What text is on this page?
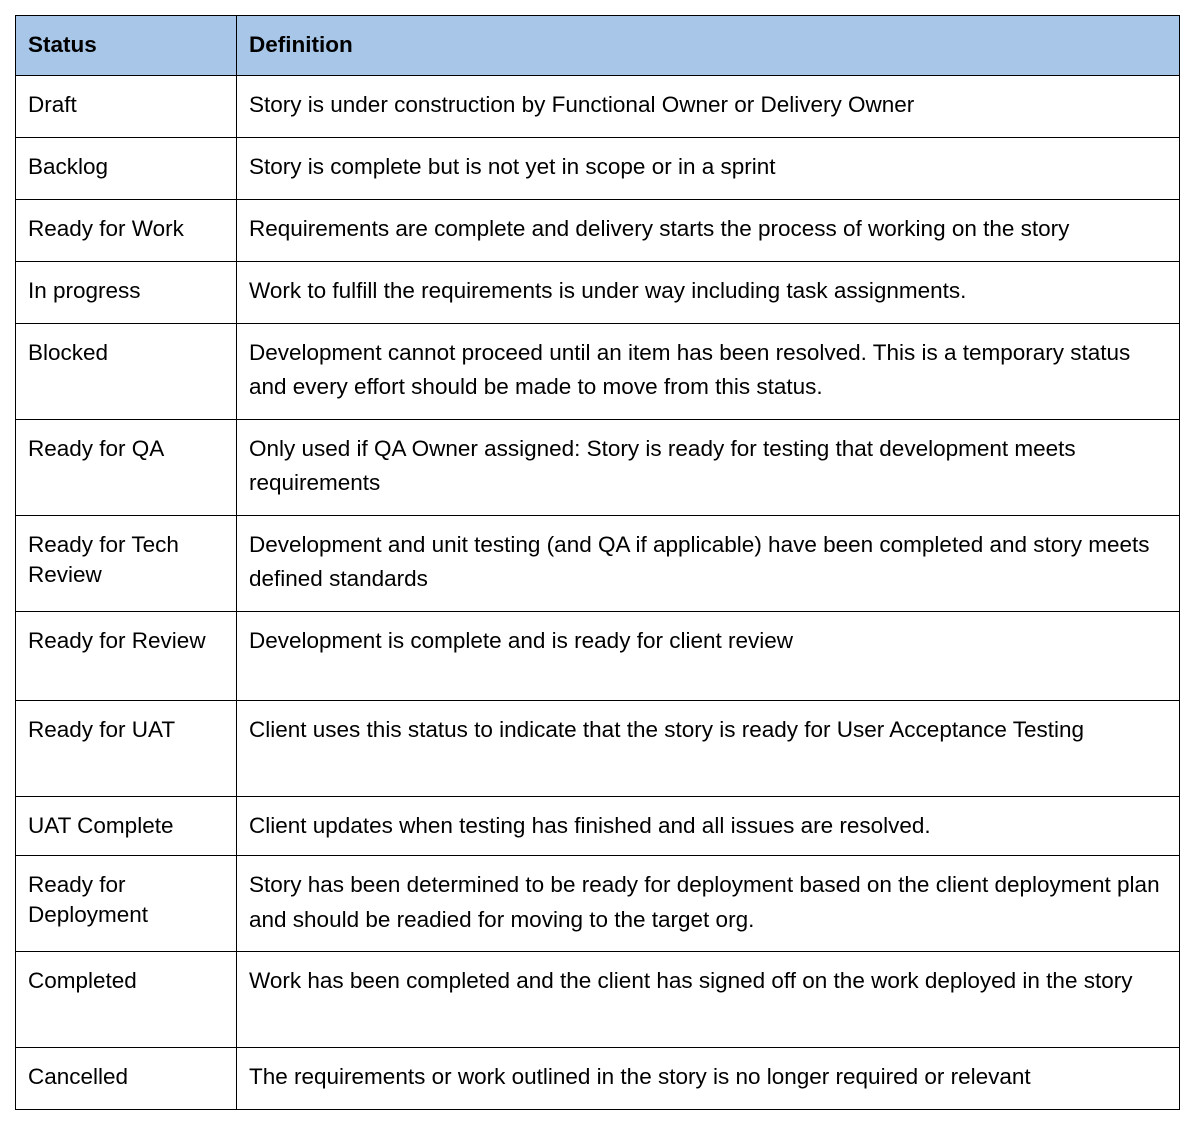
Status	Definition
Draft	Story is under construction by Functional Owner or Delivery Owner
Backlog	Story is complete but is not yet in scope or in a sprint
Ready for Work	Requirements are complete and delivery starts the process of working on the story
In progress	Work to fulfill the requirements is under way including task assignments.
Blocked	Development cannot proceed until an item has been resolved. This is a temporary status and every effort should be made to move from this status.
Ready for QA	Only used if QA Owner assigned: Story is ready for testing that development meets requirements
Ready for Tech Review	Development and unit testing (and QA if applicable) have been completed and story meets defined standards
Ready for Review	Development is complete and is ready for client review
Ready for UAT	Client uses this status to indicate that the story is ready for User Acceptance Testing
UAT Complete	Client updates when testing has finished and all issues are resolved.
Ready for Deployment	Story has been determined to be ready for deployment based on the client deployment plan and should be readied for moving to the target org.
Completed	Work has been completed and the client has signed off on the work deployed in the story
Cancelled	The requirements or work outlined in the story is no longer required or relevant
